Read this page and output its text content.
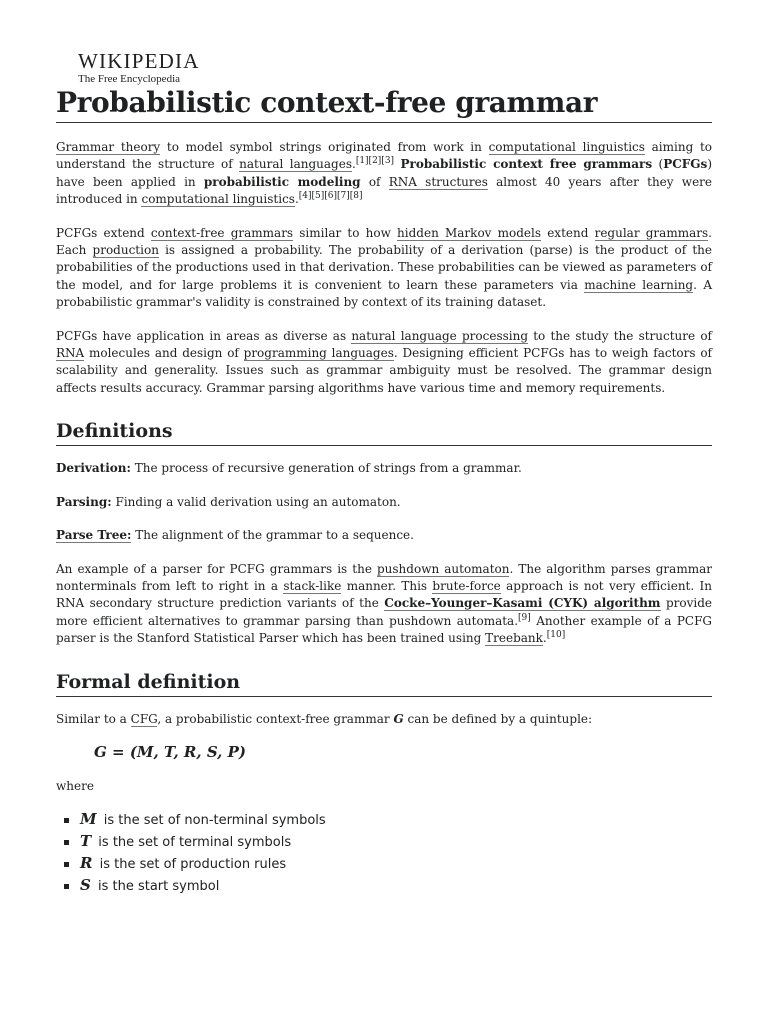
WIKIPEDIA
The Free Encyclopedia
Probabilistic context-free grammar

Grammar theory to model symbol strings originated from work in computational linguistics aiming to understand the structure of natural languages.[1][2][3] Probabilistic context free grammars (PCFGs) have been applied in probabilistic modeling of RNA structures almost 40 years after they were introduced in computational linguistics.[4][5][6][7][8]

PCFGs extend context-free grammars similar to how hidden Markov models extend regular grammars. Each production is assigned a probability. The probability of a derivation (parse) is the product of the probabilities of the productions used in that derivation. These probabilities can be viewed as parameters of the model, and for large problems it is convenient to learn these parameters via machine learning. A probabilistic grammar's validity is constrained by context of its training dataset.

PCFGs have application in areas as diverse as natural language processing to the study the structure of RNA molecules and design of programming languages. Designing efficient PCFGs has to weigh factors of scalability and generality. Issues such as grammar ambiguity must be resolved. The grammar design affects results accuracy. Grammar parsing algorithms have various time and memory requirements.

Definitions

Derivation: The process of recursive generation of strings from a grammar.

Parsing: Finding a valid derivation using an automaton.

Parse Tree: The alignment of the grammar to a sequence.

An example of a parser for PCFG grammars is the pushdown automaton. The algorithm parses grammar nonterminals from left to right in a stack-like manner. This brute-force approach is not very efficient. In RNA secondary structure prediction variants of the Cocke–Younger–Kasami (CYK) algorithm provide more efficient alternatives to grammar parsing than pushdown automata.[9] Another example of a PCFG parser is the Stanford Statistical Parser which has been trained using Treebank.[10]

Formal definition

Similar to a CFG, a probabilistic context-free grammar G can be defined by a quintuple:

G = (M, T, R, S, P)

where

M is the set of non-terminal symbols
T is the set of terminal symbols
R is the set of production rules
S is the start symbol
